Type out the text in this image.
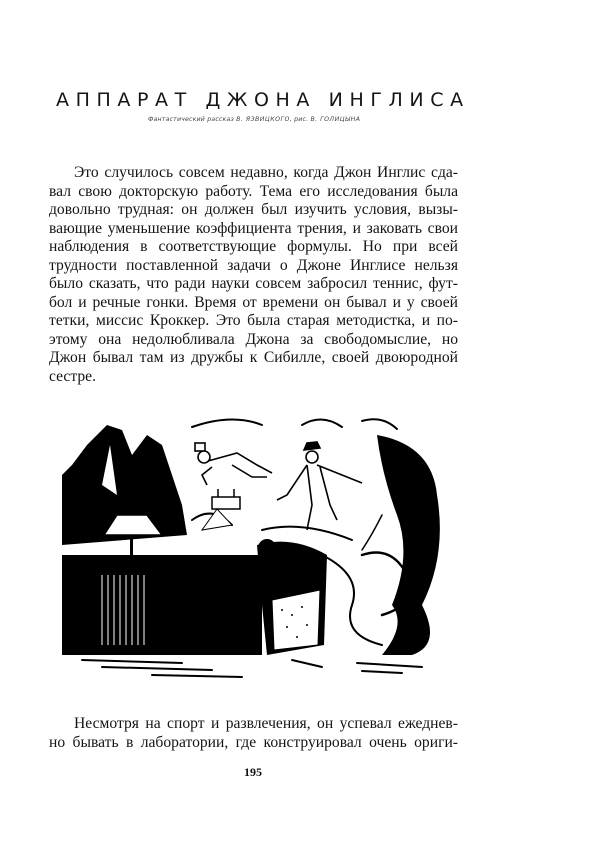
АППАРАТ ДЖОНА ИНГЛИСА
Фантастический рассказ В. ЯЗВИЦКОГО, рис. В. ГОЛИЦЫНА
Это случилось совсем недавно, когда Джон Инглис сда-
вал свою докторскую работу. Тема его исследования была
довольно трудная: он должен был изучить условия, вызы-
вающие уменьшение коэффициента трения, и заковать свои
наблюдения в соответствующие формулы. Но при всей
трудности поставленной задачи о Джоне Инглисе нельзя
было сказать, что ради науки совсем забросил теннис, фут-
бол и речные гонки. Время от времени он бывал и у своей
тетки, миссис Кроккер. Это была старая методистка, и по-
этому она недолюбливала Джона за свободомыслие, но
Джон бывал там из дружбы к Сибилле, своей двоюродной
сестре.
Несмотря на спорт и развлечения, он успевал ежеднев-
но бывать в лаборатории, где конструировал очень ориги-
195
